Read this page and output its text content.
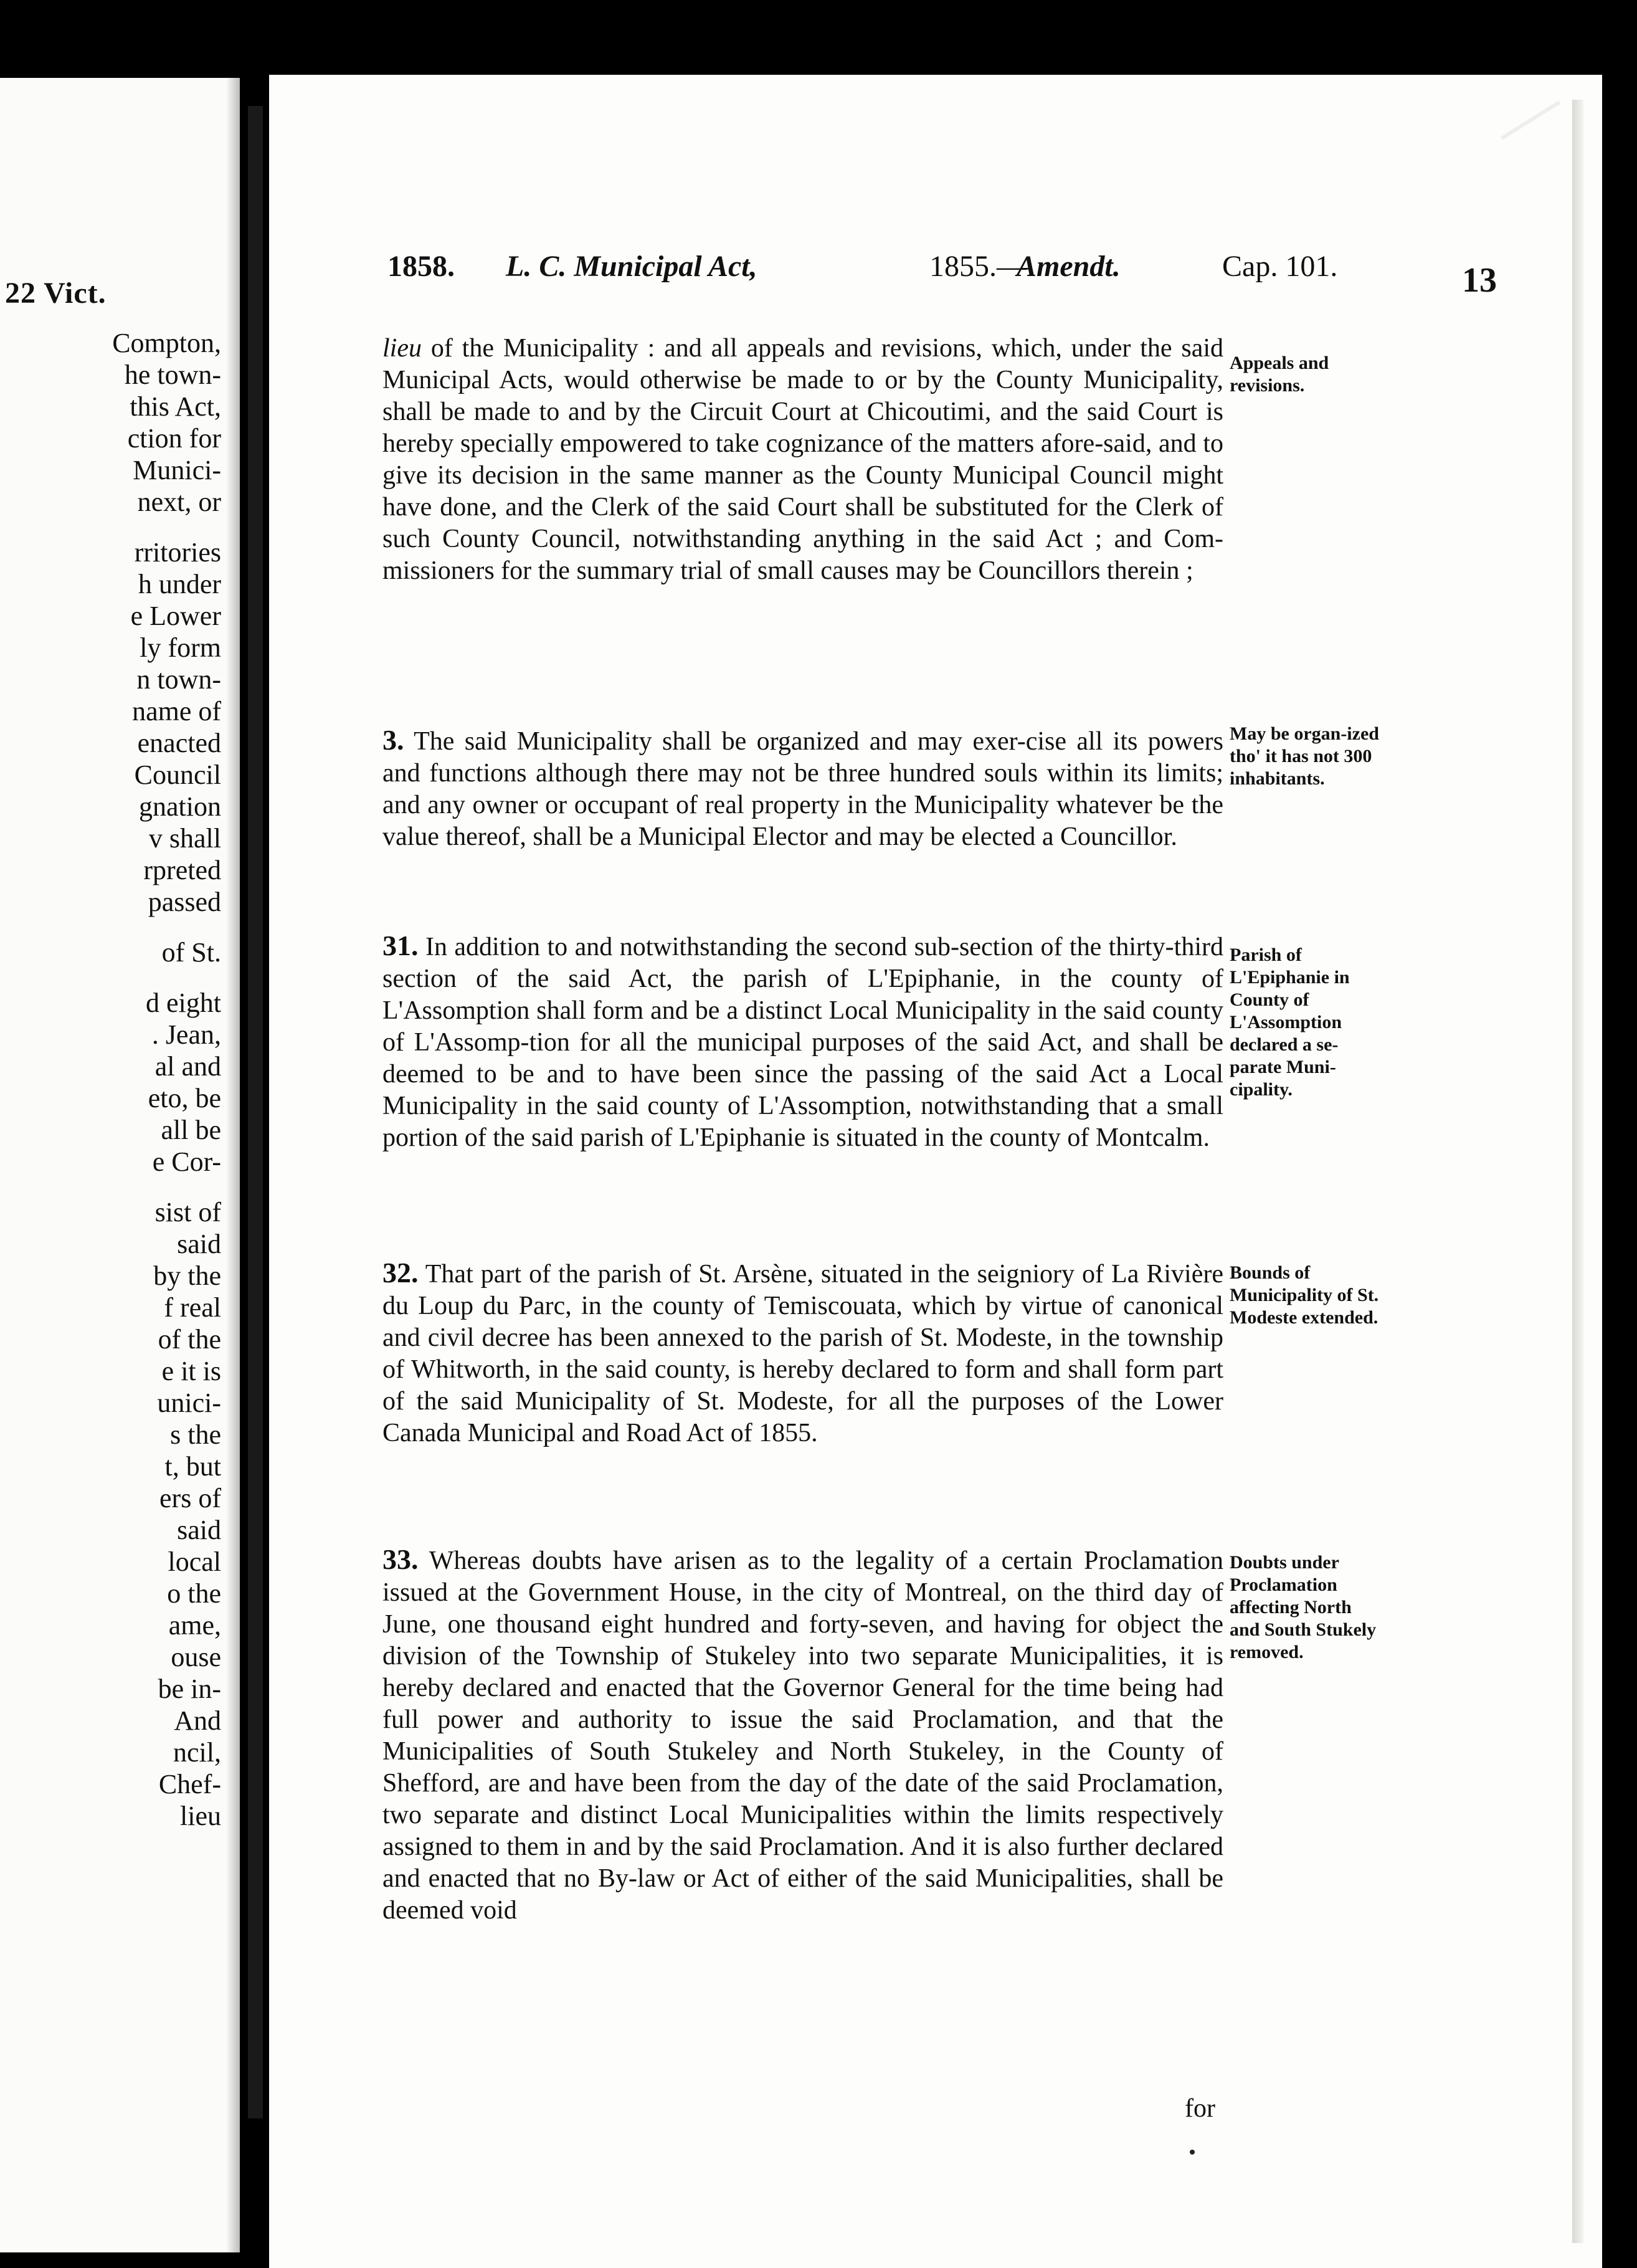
22 Vict.
Compton,
he town-
this Act,
ction for
Munici-
next, or
rritories
h under
e Lower
ly form
n town-
name of
enacted
Council
gnation
v shall
rpreted
passed
of St.
d eight
. Jean,
al and
eto, be
all be
e Cor-
sist of
said
by the
f real
of the
e it is
unici-
s the
t, but
ers of
said
local
o the
ame,
ouse
be in-
And
ncil,
Chef-
lieu
1858. L. C. Municipal Act,	1855.—
Amendt.	Cap. 101.	13

lieu of the Municipality : and all appeals and revisions, which, under the said Municipal Acts, would otherwise be made to or by the County Municipality, shall be made to and by the Circuit Court at Chicoutimi, and the said Court is hereby specially empowered to take cognizance of the matters afore-said, and to give its decision in the same manner as the County Municipal Council might have done, and the Clerk of the said Court shall be substituted for the Clerk of such County Council, notwithstanding anything in the said Act ; and Com-missioners for the summary trial of small causes may be Councillors therein ;

3. The said Municipality shall be organized and may exer-cise all its powers and functions although there may not be three hundred souls within its limits; and any owner or occupant of real property in the Municipality whatever be the value thereof, shall be a Municipal Elector and may be elected a Councillor.

31. In addition to and notwithstanding the second sub-section of the thirty-third section of the said Act, the parish of L'Epiphanie, in the county of L'Assomption shall form and be a distinct Local Municipality in the said county of L'Assomp-tion for all the municipal purposes of the said Act, and shall be deemed to be and to have been since the passing of the said Act a Local Municipality in the said county of L'Assomption, notwithstanding that a small portion of the said parish of L'Epiphanie is situated in the county of Montcalm.

32. That part of the parish of St. Arsène, situated in the seigniory of La Rivière du Loup du Parc, in the county of Temiscouata, which by virtue of canonical and civil decree has been annexed to the parish of St. Modeste, in the township of Whitworth, in the said county, is hereby declared to form and shall form part of the said Municipality of St. Modeste, for all the purposes of the Lower Canada Municipal and Road Act of 1855.

33. Whereas doubts have arisen as to the legality of a certain Proclamation issued at the Government House, in the city of Montreal, on the third day of June, one thousand eight hundred and forty-seven, and having for object the division of the Township of Stukeley into two separate Municipalities, it is hereby declared and enacted that the Governor General for the time being had full power and authority to issue the said Proclamation, and that the Municipalities of South Stukeley and North Stukeley, in the County of Shefford, are and have been from the day of the date of the said Proclamation, two separate and distinct Local Municipalities within the limits respectively assigned to them in and by the said Proclamation. And it is also further declared and enacted that no By-law or Act of either of the said Municipalities, shall be deemed void

for
Appeals and revisions.
May be organ-ized tho' it has not 300 inhabitants.
Parish of L'Epiphanie in County of L'Assomption declared a se-parate Muni-cipality.
Bounds of Municipality of St. Modeste extended.
Doubts under Proclamation affecting North and South Stukely removed.
